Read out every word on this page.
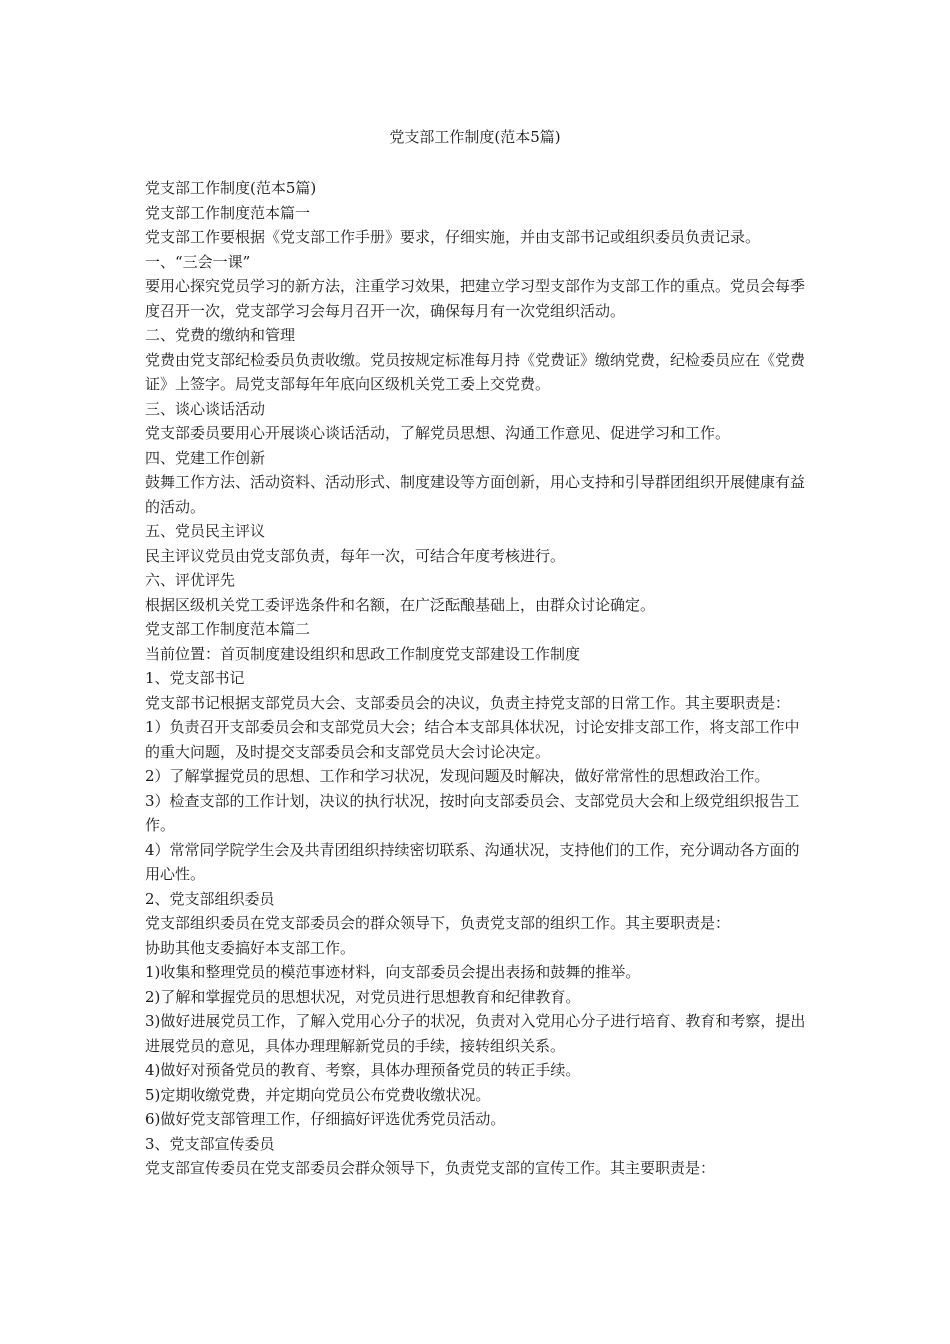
党支部工作制度(范本5篇)

党支部工作制度(范本5篇)

党支部工作制度范本篇一

党支部工作要根据《党支部工作手册》要求，仔细实施，并由支部书记或组织委员负责记录。

一、“三会一课”

要用心探究党员学习的新方法，注重学习效果，把建立学习型支部作为支部工作的重点。党员会每季度召开一次，党支部学习会每月召开一次，确保每月有一次党组织活动。

二、党费的缴纳和管理

党费由党支部纪检委员负责收缴。党员按规定标准每月持《党费证》缴纳党费，纪检委员应在《党费证》上签字。局党支部每年年底向区级机关党工委上交党费。

三、谈心谈话活动

党支部委员要用心开展谈心谈话活动，了解党员思想、沟通工作意见、促进学习和工作。

四、党建工作创新

鼓舞工作方法、活动资料、活动形式、制度建设等方面创新，用心支持和引导群团组织开展健康有益的活动。

五、党员民主评议

民主评议党员由党支部负责，每年一次，可结合年度考核进行。

六、评优评先

根据区级机关党工委评选条件和名额，在广泛酝酿基础上，由群众讨论确定。

党支部工作制度范本篇二

当前位置：首页制度建设组织和思政工作制度党支部建设工作制度

1、党支部书记

党支部书记根据支部党员大会、支部委员会的决议，负责主持党支部的日常工作。其主要职责是：

1）负责召开支部委员会和支部党员大会；结合本支部具体状况，讨论安排支部工作，将支部工作中的重大问题，及时提交支部委员会和支部党员大会讨论决定。

2）了解掌握党员的思想、工作和学习状况，发现问题及时解决，做好常常性的思想政治工作。

3）检查支部的工作计划，决议的执行状况，按时向支部委员会、支部党员大会和上级党组织报告工作。

4）常常同学院学生会及共青团组织持续密切联系、沟通状况，支持他们的工作，充分调动各方面的用心性。

2、党支部组织委员

党支部组织委员在党支部委员会的群众领导下，负责党支部的组织工作。其主要职责是：

协助其他支委搞好本支部工作。

1)收集和整理党员的模范事迹材料，向支部委员会提出表扬和鼓舞的推举。

2)了解和掌握党员的思想状况，对党员进行思想教育和纪律教育。

3)做好进展党员工作，了解入党用心分子的状况，负责对入党用心分子进行培育、教育和考察，提出进展党员的意见，具体办理理解新党员的手续，接转组织关系。

4)做好对预备党员的教育、考察，具体办理预备党员的转正手续。

5)定期收缴党费，并定期向党员公布党费收缴状况。

6)做好党支部管理工作，仔细搞好评选优秀党员活动。

3、党支部宣传委员

党支部宣传委员在党支部委员会群众领导下，负责党支部的宣传工作。其主要职责是：
